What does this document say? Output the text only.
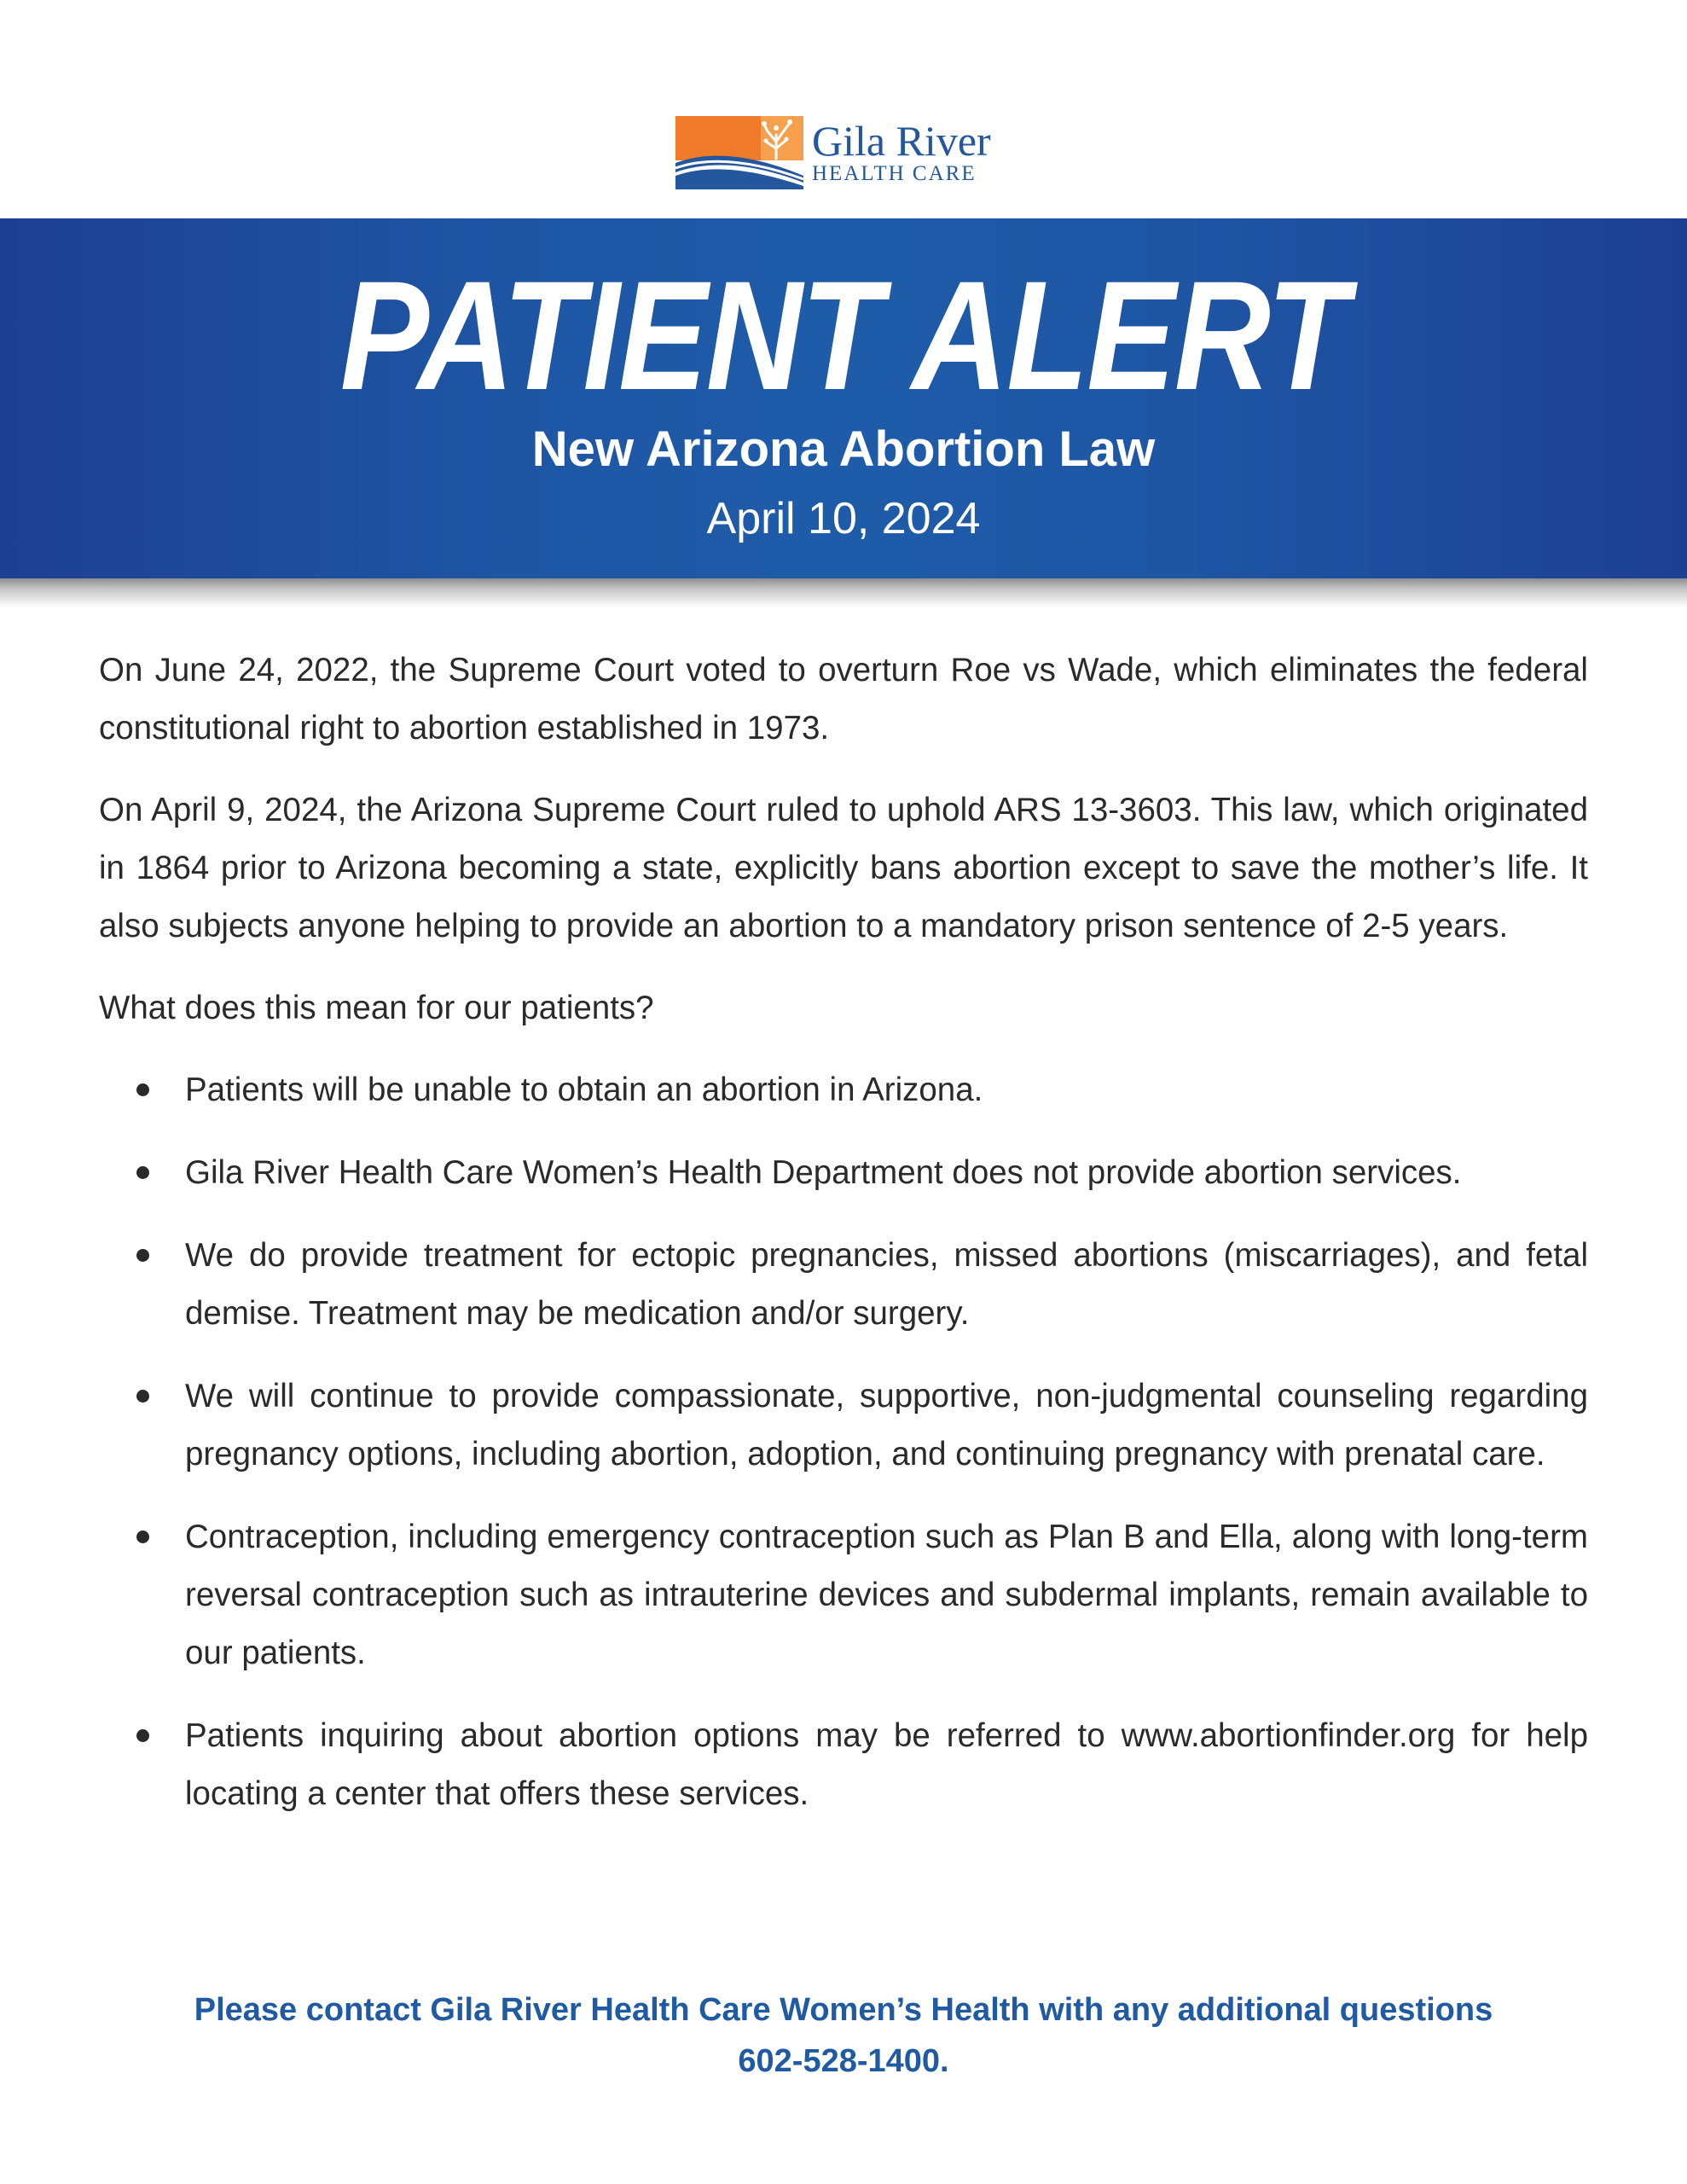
Gila River
HEALTH CARE
PATIENT ALERT
New Arizona Abortion Law
April 10, 2024

On June 24, 2022, the Supreme Court voted to overturn Roe vs Wade, which eliminates the federal constitutional right to abortion established in 1973.

On April 9, 2024, the Arizona Supreme Court ruled to uphold ARS 13-3603. This law, which originated in 1864 prior to Arizona becoming a state, explicitly bans abortion except to save the mother’s life. It also subjects anyone helping to provide an abortion to a mandatory prison sentence of 2-5 years.

What does this mean for our patients?

Patients will be unable to obtain an abortion in Arizona.
Gila River Health Care Women’s Health Department does not provide abortion services.
We do provide treatment for ectopic pregnancies, missed abortions (miscarriages), and fetal demise. Treatment may be medication and/or surgery.
We will continue to provide compassionate, supportive, non-judgmental counseling regarding pregnancy options, including abortion, adoption, and continuing pregnancy with prenatal care.
Contraception, including emergency contraception such as Plan B and Ella, along with long-term reversal contraception such as intrauterine devices and subdermal implants, remain available to our patients.
Patients inquiring about abortion options may be referred to www.abortionfinder.org for help locating a center that offers these services.
Please contact Gila River Health Care Women’s Health with any additional questions
602-528-1400.
